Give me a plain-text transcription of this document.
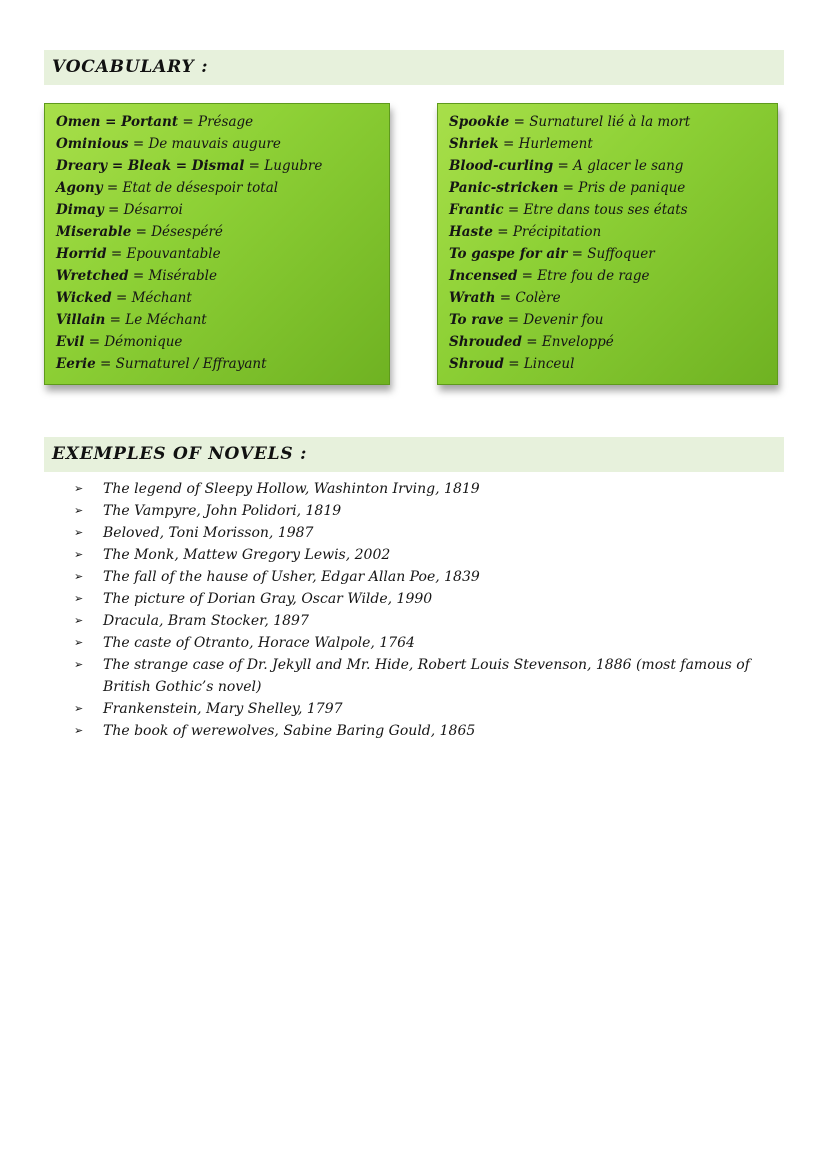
VOCABULARY :
Omen = Portant = Présage
Ominious = De mauvais augure
Dreary = Bleak = Dismal = Lugubre
Agony = Etat de désespoir total
Dimay = Désarroi
Miserable = Désespéré
Horrid = Epouvantable
Wretched = Misérable
Wicked = Méchant
Villain = Le Méchant
Evil = Démonique
Eerie = Surnaturel / Effrayant
Spookie = Surnaturel lié à la mort
Shriek = Hurlement
Blood-curling = A glacer le sang
Panic-stricken = Pris de panique
Frantic = Etre dans tous ses états
Haste = Précipitation
To gaspe for air = Suffoquer
Incensed = Etre fou de rage
Wrath = Colère
To rave = Devenir fou
Shrouded = Enveloppé
Shroud = Linceul
EXEMPLES OF NOVELS :
➢ The legend of Sleepy Hollow, Washinton Irving, 1819
➢ The Vampyre, John Polidori, 1819
➢ Beloved, Toni Morisson, 1987
➢ The Monk, Mattew Gregory Lewis, 2002
➢ The fall of the hause of Usher, Edgar Allan Poe, 1839
➢ The picture of Dorian Gray, Oscar Wilde, 1990
➢ Dracula, Bram Stocker, 1897
➢ The caste of Otranto, Horace Walpole, 1764
➢ The strange case of Dr. Jekyll and Mr. Hide, Robert Louis Stevenson, 1886 (most famous of British Gothic’s novel)
➢ Frankenstein, Mary Shelley, 1797
➢ The book of werewolves, Sabine Baring Gould, 1865
